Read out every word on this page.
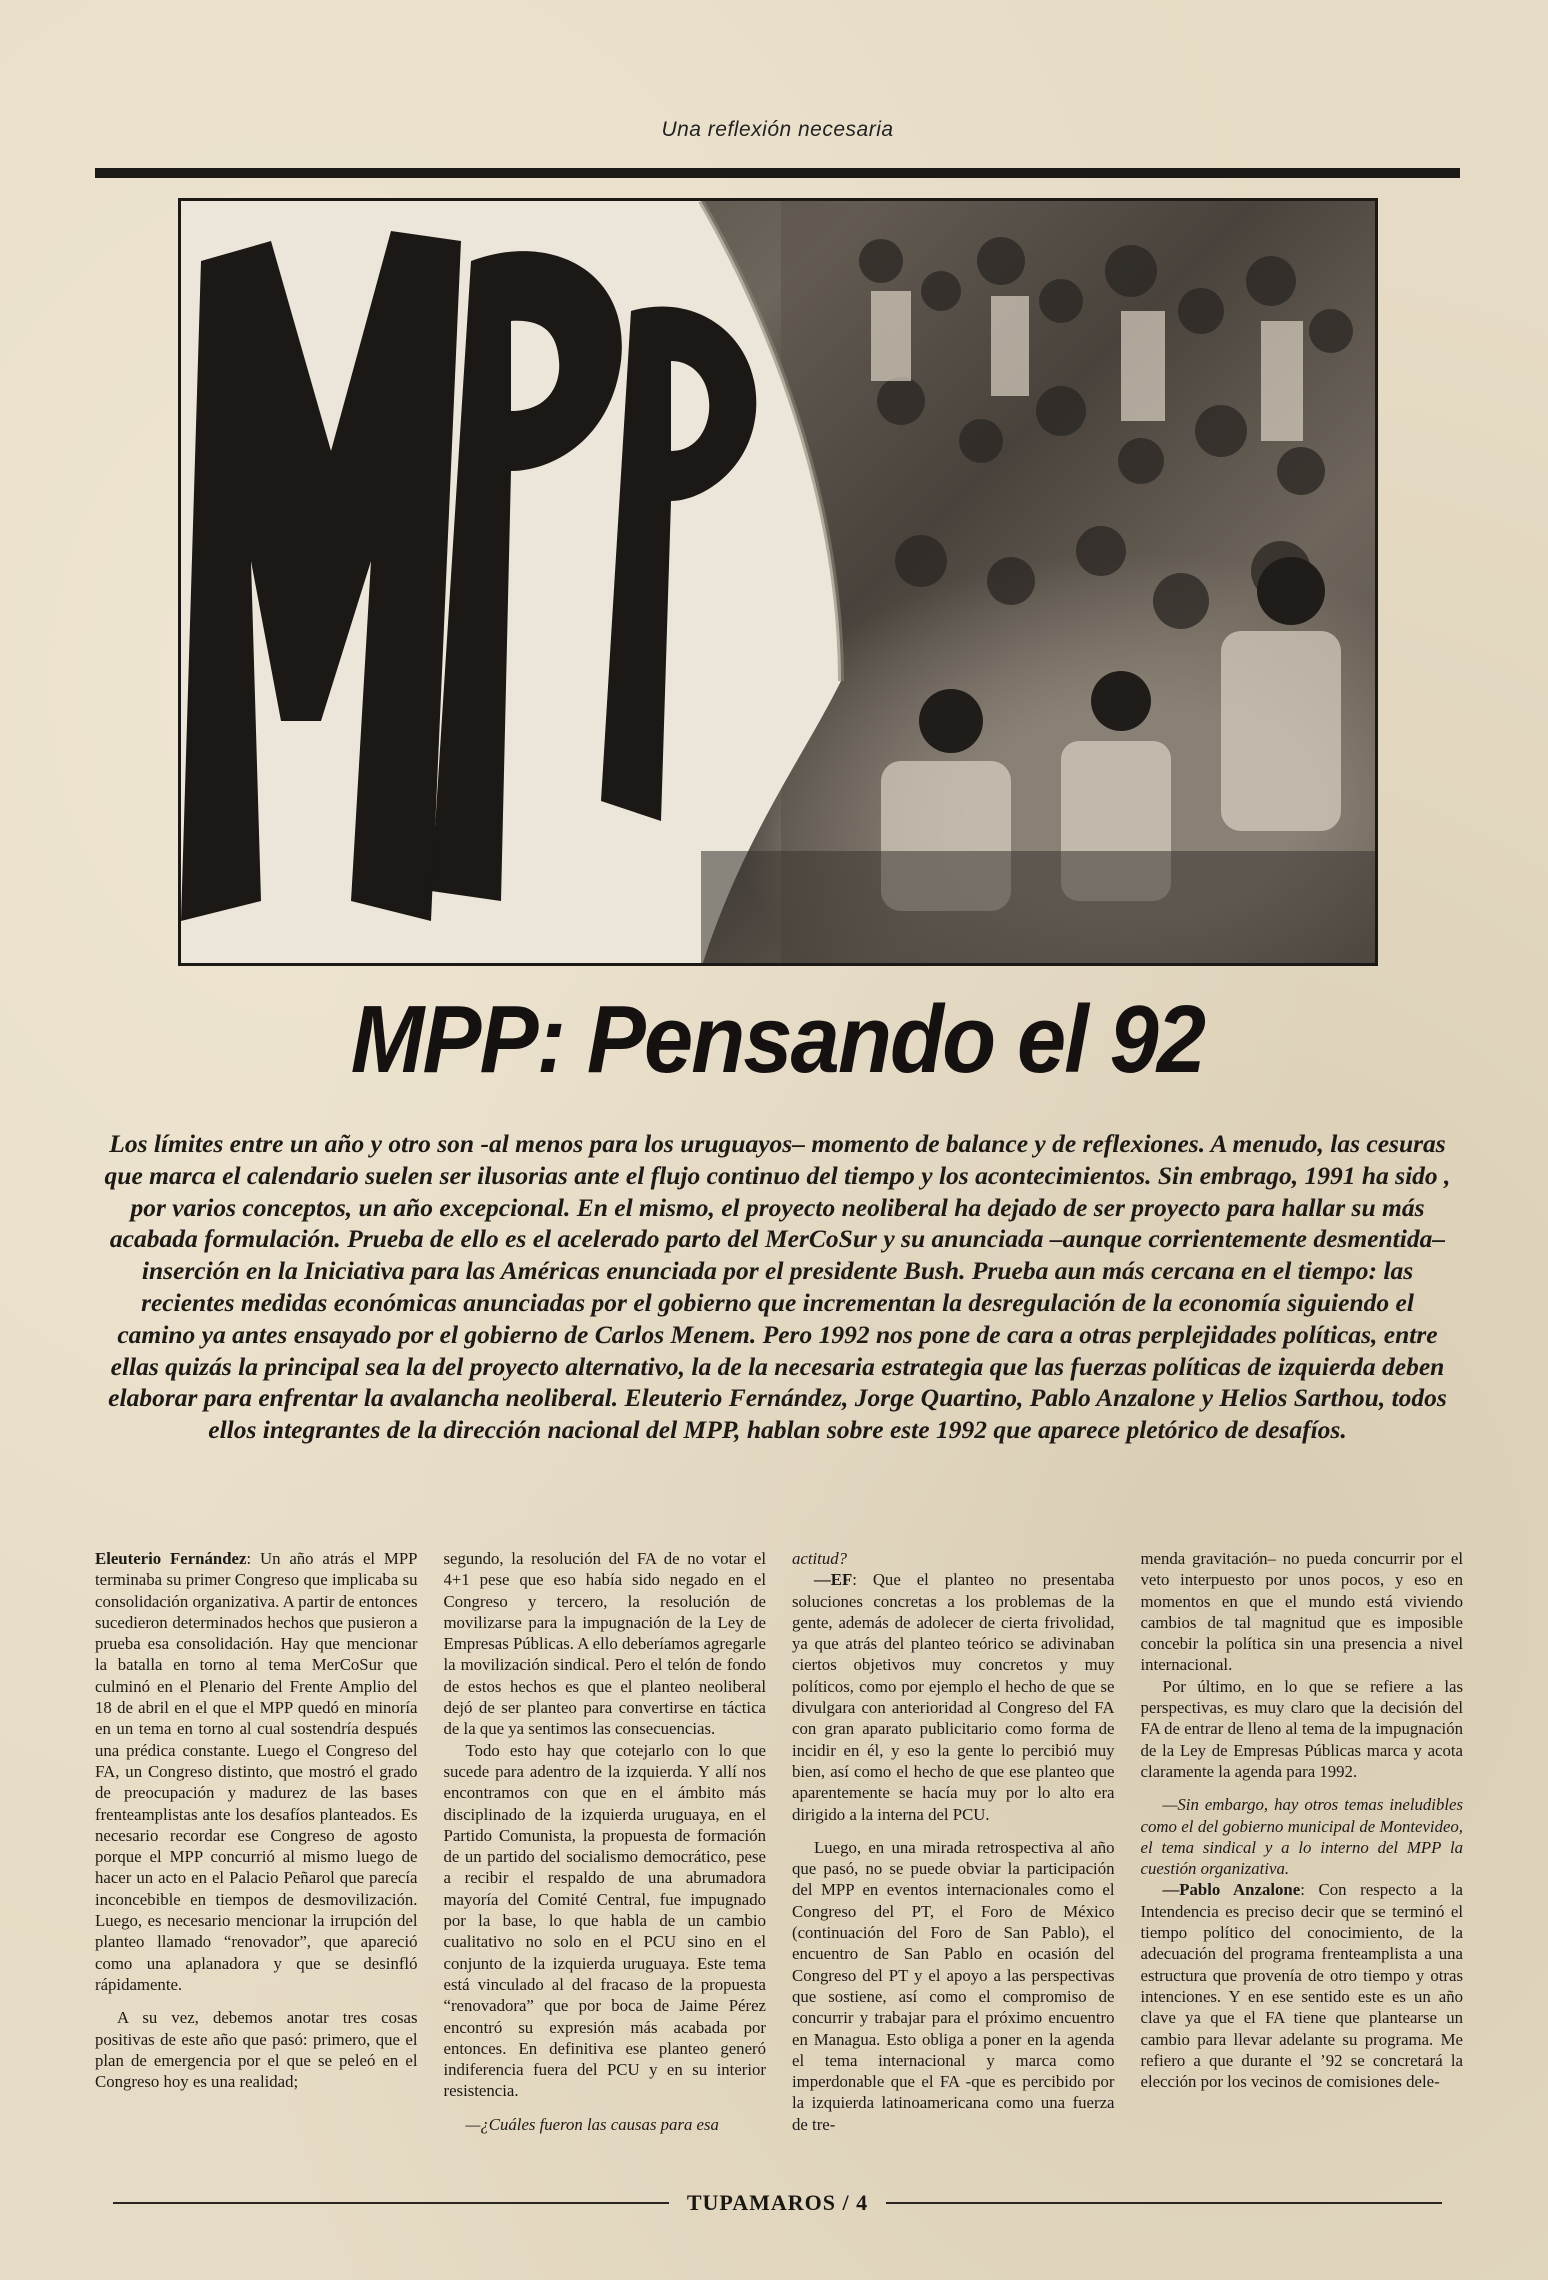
Una reflexión necesaria
MPP: Pensando el 92
Los límites entre un año y otro son -al menos para los uruguayos– momento de balance y de reflexiones. A menudo, las cesuras que marca el calendario suelen ser ilusorias ante el flujo continuo del tiempo y los acontecimientos. Sin embrago, 1991 ha sido , por varios conceptos, un año excepcional. En el mismo, el proyecto neoliberal ha dejado de ser proyecto para hallar su más acabada formulación. Prueba de ello es el acelerado parto del MerCoSur y su anunciada –aunque corrientemente desmentida– inserción en la Iniciativa para las Américas enunciada por el presidente Bush. Prueba aun más cercana en el tiempo: las recientes medidas económicas anunciadas por el gobierno que incrementan la desregulación de la economía siguiendo el camino ya antes ensayado por el gobierno de Carlos Menem. Pero 1992 nos pone de cara a otras perplejidades políticas, entre ellas quizás la principal sea la del proyecto alternativo, la de la necesaria estrategia que las fuerzas políticas de izquierda deben elaborar para enfrentar la avalancha neoliberal. Eleuterio Fernández, Jorge Quartino, Pablo Anzalone y Helios Sarthou, todos ellos integrantes de la dirección nacional del MPP, hablan sobre este 1992 que aparece pletórico de desafíos.

Eleuterio Fernández: Un año atrás el MPP terminaba su primer Congreso que implicaba su consolidación organizativa. A partir de entonces sucedieron determinados hechos que pusieron a prueba esa consolidación. Hay que mencionar la batalla en torno al tema MerCoSur que culminó en el Plenario del Frente Amplio del 18 de abril en el que el MPP quedó en minoría en un tema en torno al cual sostendría después una prédica constante. Luego el Congreso del FA, un Congreso distinto, que mostró el grado de preocupación y madurez de las bases frenteamplistas ante los desafíos planteados. Es necesario recordar ese Congreso de agosto porque el MPP concurrió al mismo luego de hacer un acto en el Palacio Peñarol que parecía inconcebible en tiempos de desmovilización. Luego, es necesario mencionar la irrupción del planteo llamado “renovador”, que apareció como una aplanadora y que se desinfló rápidamente.

A su vez, debemos anotar tres cosas positivas de este año que pasó: primero, que el plan de emergencia por el que se peleó en el Congreso hoy es una realidad;

segundo, la resolución del FA de no votar el 4+1 pese que eso había sido negado en el Congreso y tercero, la resolución de movilizarse para la impugnación de la Ley de Empresas Públicas. A ello deberíamos agregarle la movilización sindical. Pero el telón de fondo de estos hechos es que el planteo neoliberal dejó de ser planteo para convertirse en táctica de la que ya sentimos las consecuencias.

Todo esto hay que cotejarlo con lo que sucede para adentro de la izquierda. Y allí nos encontramos con que en el ámbito más disciplinado de la izquierda uruguaya, en el Partido Comunista, la propuesta de formación de un partido del socialismo democrático, pese a recibir el respaldo de una abrumadora mayoría del Comité Central, fue impugnado por la base, lo que habla de un cambio cualitativo no solo en el PCU sino en el conjunto de la izquierda uruguaya. Este tema está vinculado al del fracaso de la propuesta “renovadora” que por boca de Jaime Pérez encontró su expresión más acabada por entonces. En definitiva ese planteo generó indiferencia fuera del PCU y en su interior resistencia.

—¿Cuáles fueron las causas para esa

actitud?

—EF: Que el planteo no presentaba soluciones concretas a los problemas de la gente, además de adolecer de cierta frivolidad, ya que atrás del planteo teórico se adivinaban ciertos objetivos muy concretos y muy políticos, como por ejemplo el hecho de que se divulgara con anterioridad al Congreso del FA con gran aparato publicitario como forma de incidir en él, y eso la gente lo percibió muy bien, así como el hecho de que ese planteo que aparentemente se hacía muy por lo alto era dirigido a la interna del PCU.

Luego, en una mirada retrospectiva al año que pasó, no se puede obviar la participación del MPP en eventos internacionales como el Congreso del PT, el Foro de México (continuación del Foro de San Pablo), el encuentro de San Pablo en ocasión del Congreso del PT y el apoyo a las perspectivas que sostiene, así como el compromiso de concurrir y trabajar para el próximo encuentro en Managua. Esto obliga a poner en la agenda el tema internacional y marca como imperdonable que el FA -que es percibido por la izquierda latinoamericana como una fuerza de tre-

menda gravitación– no pueda concurrir por el veto interpuesto por unos pocos, y eso en momentos en que el mundo está viviendo cambios de tal magnitud que es imposible concebir la política sin una presencia a nivel internacional.

Por último, en lo que se refiere a las perspectivas, es muy claro que la decisión del FA de entrar de lleno al tema de la impugnación de la Ley de Empresas Públicas marca y acota claramente la agenda para 1992.

—Sin embargo, hay otros temas ineludibles como el del gobierno municipal de Montevideo, el tema sindical y a lo interno del MPP la cuestión organizativa.

—Pablo Anzalone: Con respecto a la Intendencia es preciso decir que se terminó el tiempo político del conocimiento, de la adecuación del programa frenteamplista a una estructura que provenía de otro tiempo y otras intenciones. Y en ese sentido este es un año clave ya que el FA tiene que plantearse un cambio para llevar adelante su programa. Me refiero a que durante el ’92 se concretará la elección por los vecinos de comisiones dele-

TUPAMAROS / 4
